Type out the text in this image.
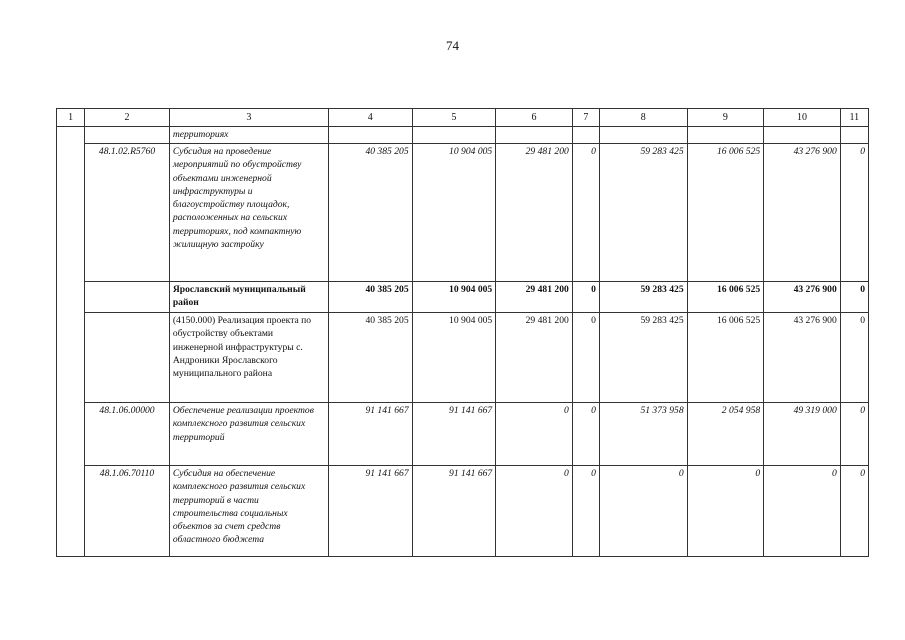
74
1	2	3	4	5	6	7	8	9	10	11
		территориях								
	48.1.02.R5760	Субсидия на проведение мероприятий по обустройству объектами инженерной инфраструктуры и благоустройству площадок, расположенных на сельских территориях, под компактную жилищную застройку	40 385 205	10 904 005	29 481 200	0	59 283 425	16 006 525	43 276 900	0
		Ярославский муниципальный район	40 385 205	10 904 005	29 481 200	0	59 283 425	16 006 525	43 276 900	0
		(4150.000) Реализация проекта по обустройству объектами инженерной инфраструктуры с. Андроники Ярославского муниципального района	40 385 205	10 904 005	29 481 200	0	59 283 425	16 006 525	43 276 900	0
	48.1.06.00000	Обеспечение реализации проектов комплексного развития сельских территорий	91 141 667	91 141 667	0	0	51 373 958	2 054 958	49 319 000	0
	48.1.06.70110	Субсидия на обеспечение комплексного развития сельских территорий в части строительства социальных объектов за счет средств областного бюджета	91 141 667	91 141 667	0	0	0	0	0	0
